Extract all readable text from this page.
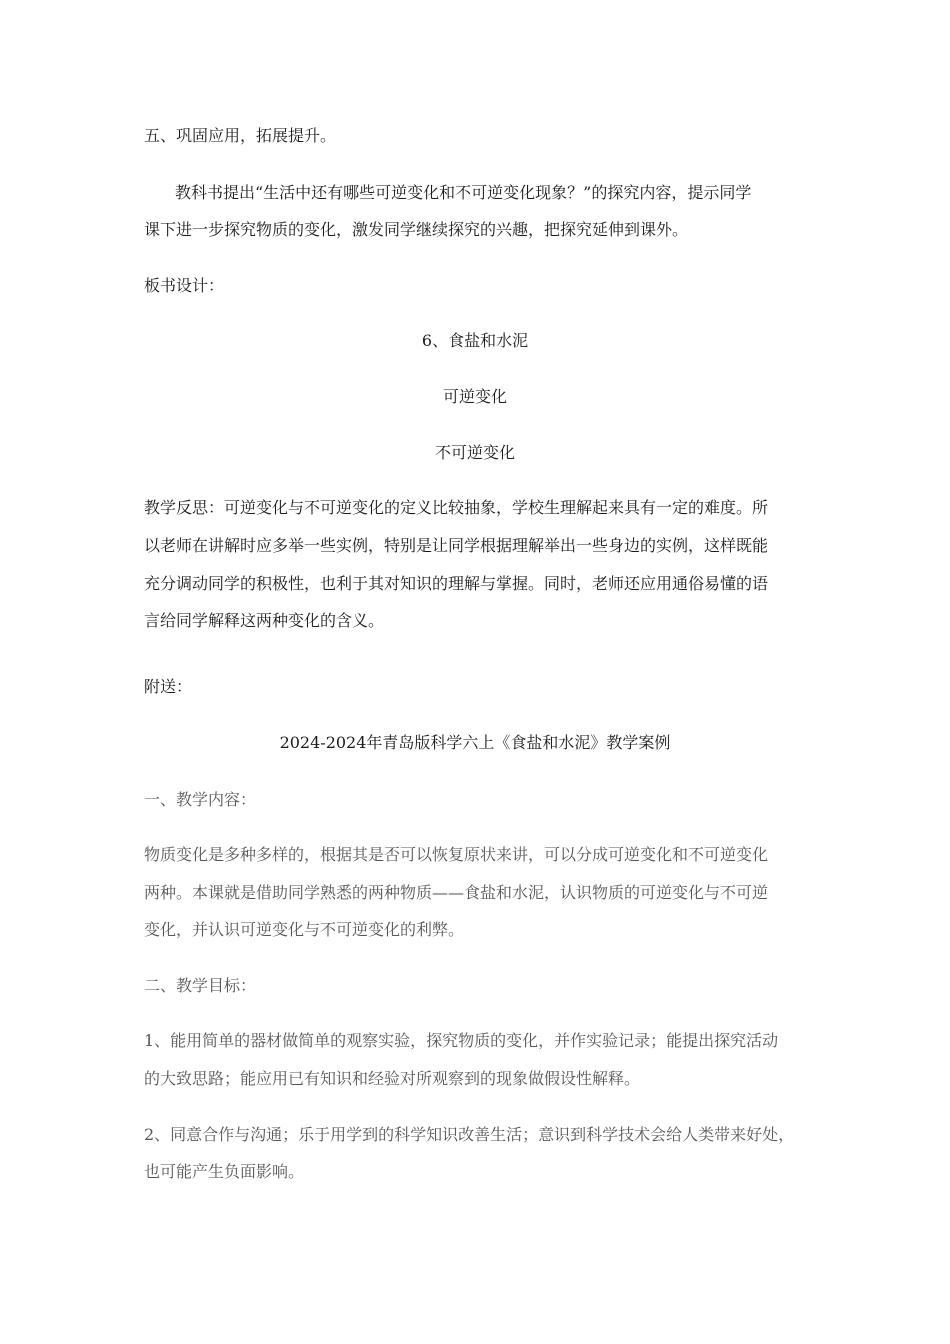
五、巩固应用，拓展提升。
教科书提出“生活中还有哪些可逆变化和不可逆变化现象？”的探究内容，提示同学
课下进一步探究物质的变化，激发同学继续探究的兴趣，把探究延伸到课外。
板书设计：
6、食盐和水泥
可逆变化
不可逆变化
教学反思：可逆变化与不可逆变化的定义比较抽象，学校生理解起来具有一定的难度。所
以老师在讲解时应多举一些实例，特别是让同学根据理解举出一些身边的实例，这样既能
充分调动同学的积极性，也利于其对知识的理解与掌握。同时，老师还应用通俗易懂的语
言给同学解释这两种变化的含义。
附送：
2024-2024年青岛版科学六上《食盐和水泥》教学案例
一、教学内容：
物质变化是多种多样的，根据其是否可以恢复原状来讲，可以分成可逆变化和不可逆变化
两种。本课就是借助同学熟悉的两种物质——食盐和水泥，认识物质的可逆变化与不可逆
变化，并认识可逆变化与不可逆变化的利弊。
二、教学目标：
1、能用简单的器材做简单的观察实验，探究物质的变化，并作实验记录；能提出探究活动
的大致思路；能应用已有知识和经验对所观察到的现象做假设性解释。
2、同意合作与沟通；乐于用学到的科学知识改善生活；意识到科学技术会给人类带来好处，
也可能产生负面影响。
